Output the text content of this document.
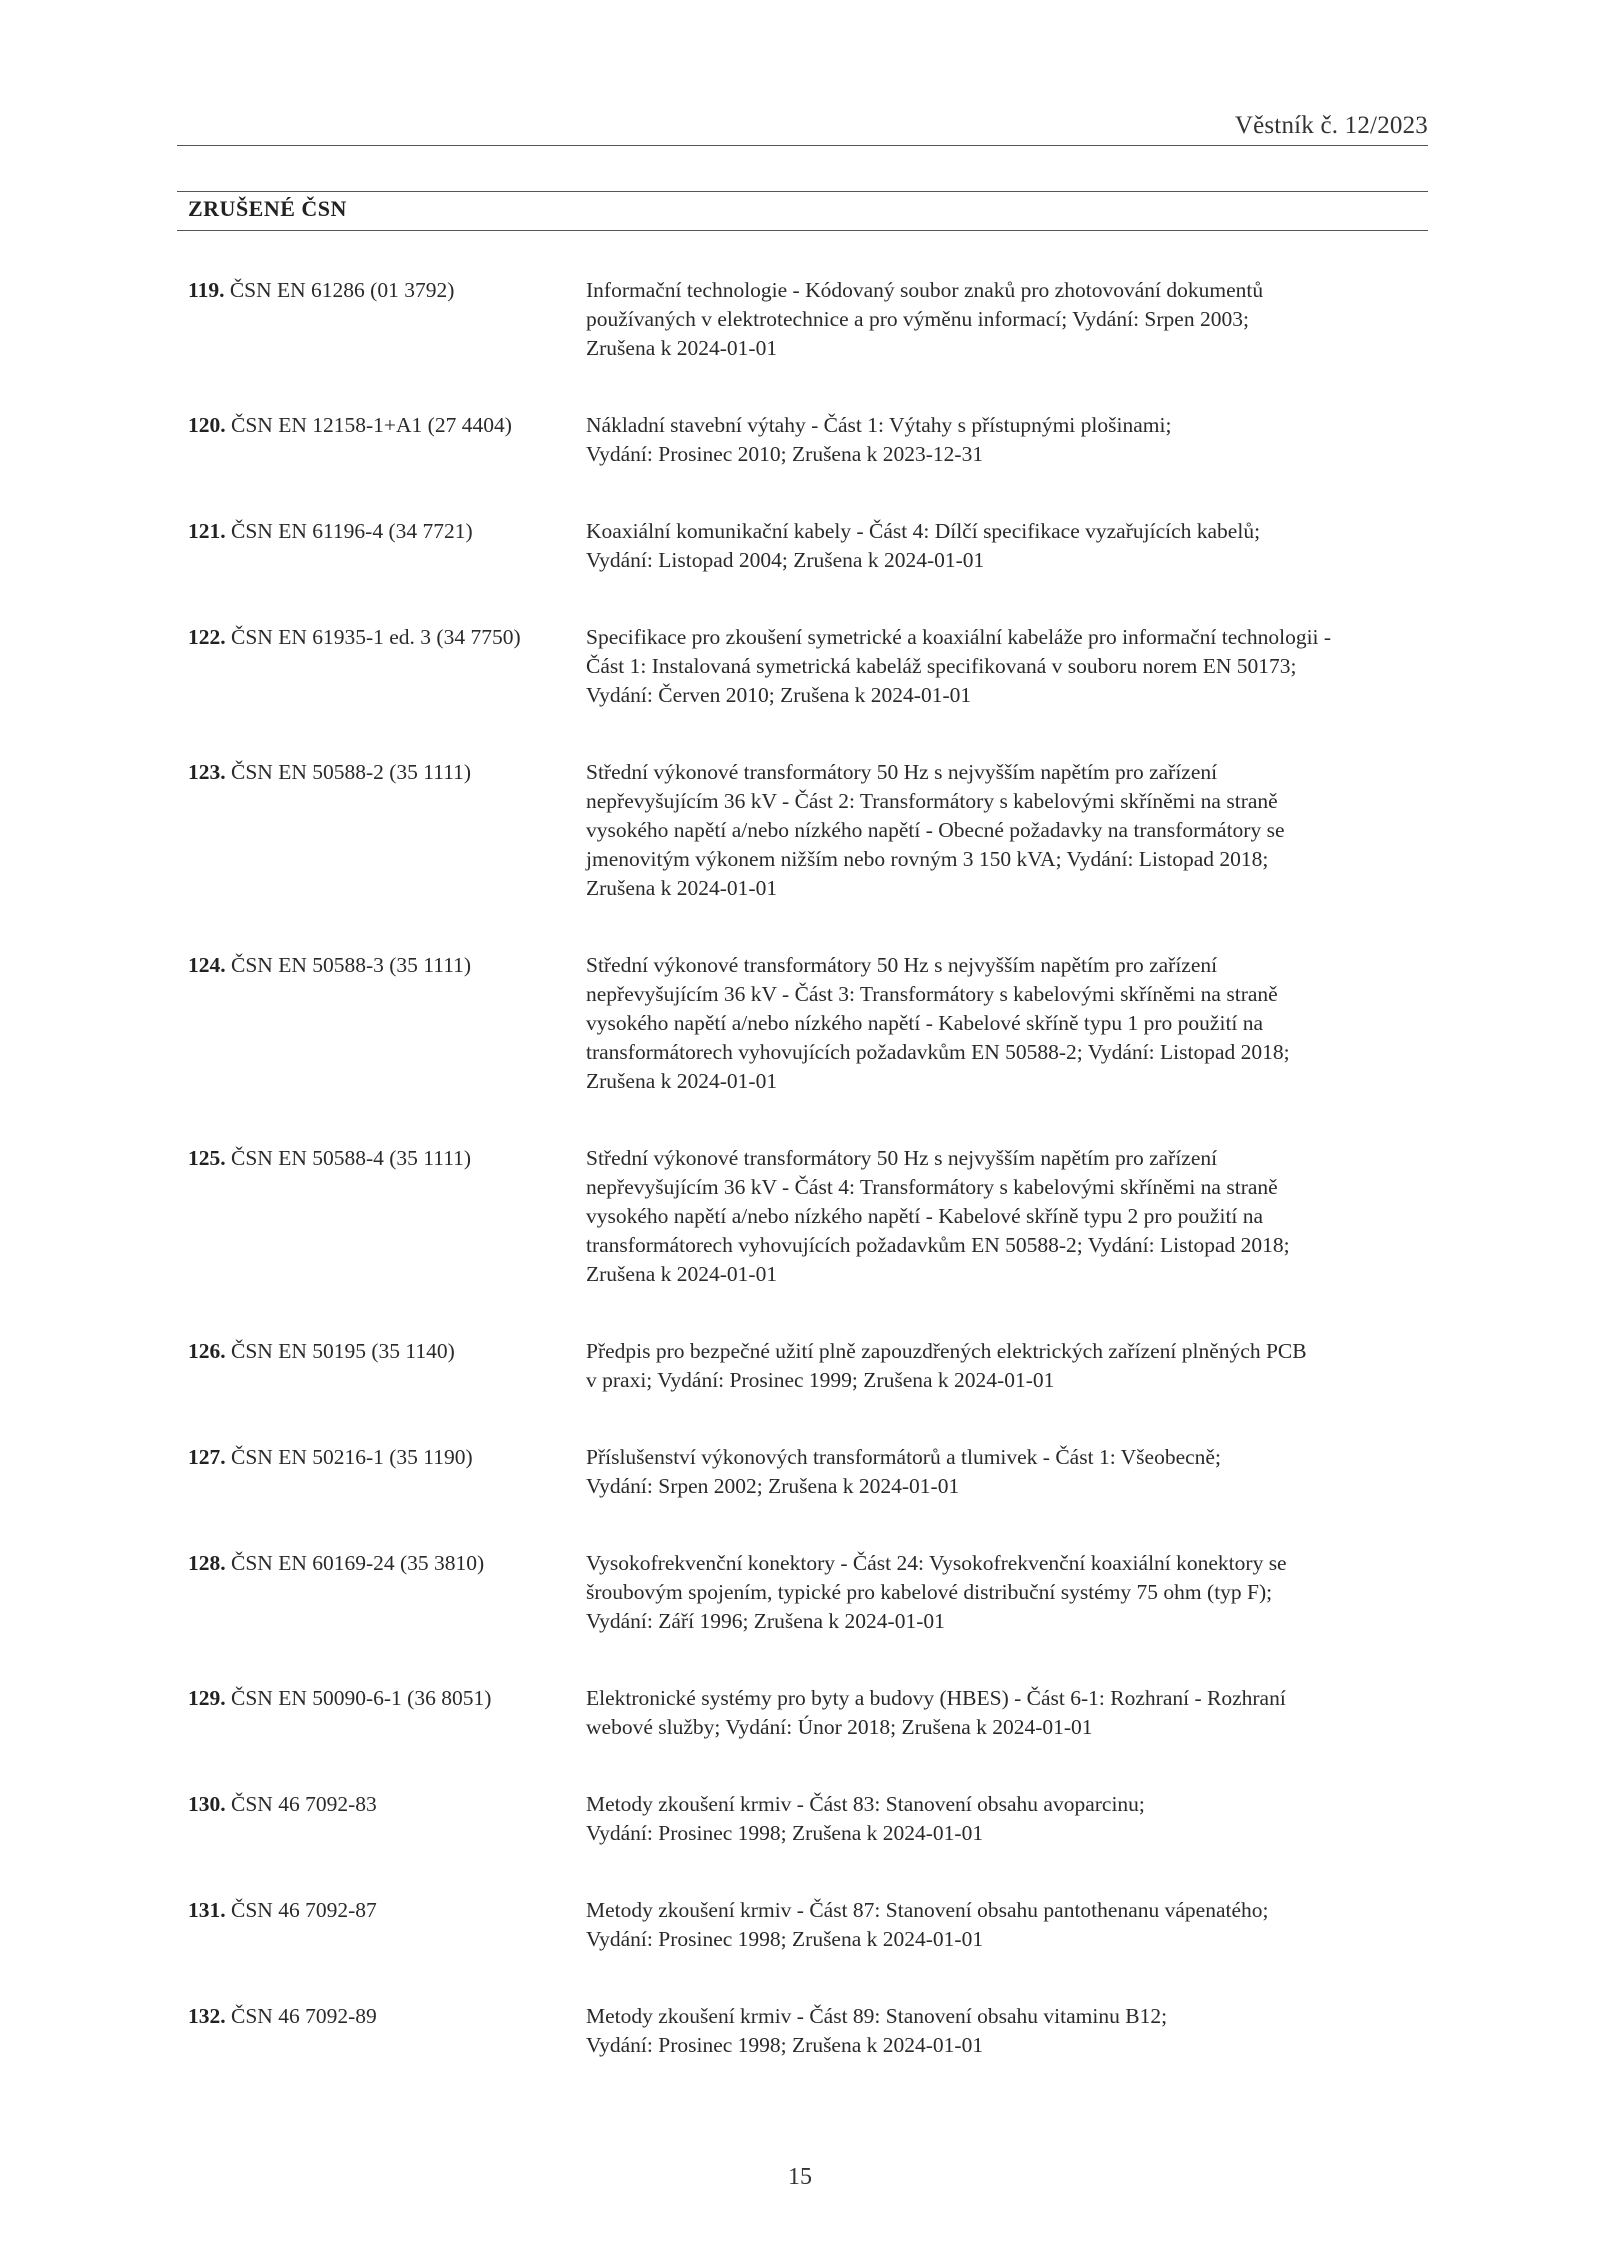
Věstník č. 12/2023
ZRUŠENÉ ČSN
119. ČSN EN 61286 (01 3792)	Informační technologie - Kódovaný soubor znaků pro zhotovování dokumentů
používaných v elektrotechnice a pro výměnu informací; Vydání: Srpen 2003;
Zrušena k 2024-01-01
120. ČSN EN 12158-1+A1 (27 4404)	Nákladní stavební výtahy - Část 1: Výtahy s přístupnými plošinami;
Vydání: Prosinec 2010; Zrušena k 2023-12-31
121. ČSN EN 61196-4 (34 7721)	Koaxiální komunikační kabely - Část 4: Dílčí specifikace vyzařujících kabelů;
Vydání: Listopad 2004; Zrušena k 2024-01-01
122. ČSN EN 61935-1 ed. 3 (34 7750)	Specifikace pro zkoušení symetrické a koaxiální kabeláže pro informační technologii -
Část 1: Instalovaná symetrická kabeláž specifikovaná v souboru norem EN 50173;
Vydání: Červen 2010; Zrušena k 2024-01-01
123. ČSN EN 50588-2 (35 1111)	Střední výkonové transformátory 50 Hz s nejvyšším napětím pro zařízení
nepřevyšujícím 36 kV - Část 2: Transformátory s kabelovými skříněmi na straně
vysokého napětí a/nebo nízkého napětí - Obecné požadavky na transformátory se
jmenovitým výkonem nižším nebo rovným 3 150 kVA; Vydání: Listopad 2018;
Zrušena k 2024-01-01
124. ČSN EN 50588-3 (35 1111)	Střední výkonové transformátory 50 Hz s nejvyšším napětím pro zařízení
nepřevyšujícím 36 kV - Část 3: Transformátory s kabelovými skříněmi na straně
vysokého napětí a/nebo nízkého napětí - Kabelové skříně typu 1 pro použití na
transformátorech vyhovujících požadavkům EN 50588-2; Vydání: Listopad 2018;
Zrušena k 2024-01-01
125. ČSN EN 50588-4 (35 1111)	Střední výkonové transformátory 50 Hz s nejvyšším napětím pro zařízení
nepřevyšujícím 36 kV - Část 4: Transformátory s kabelovými skříněmi na straně
vysokého napětí a/nebo nízkého napětí - Kabelové skříně typu 2 pro použití na
transformátorech vyhovujících požadavkům EN 50588-2; Vydání: Listopad 2018;
Zrušena k 2024-01-01
126. ČSN EN 50195 (35 1140)	Předpis pro bezpečné užití plně zapouzdřených elektrických zařízení plněných PCB
v praxi; Vydání: Prosinec 1999; Zrušena k 2024-01-01
127. ČSN EN 50216-1 (35 1190)	Příslušenství výkonových transformátorů a tlumivek - Část 1: Všeobecně;
Vydání: Srpen 2002; Zrušena k 2024-01-01
128. ČSN EN 60169-24 (35 3810)	Vysokofrekvenční konektory - Část 24: Vysokofrekvenční koaxiální konektory se
šroubovým spojením, typické pro kabelové distribuční systémy 75 ohm (typ F);
Vydání: Září 1996; Zrušena k 2024-01-01
129. ČSN EN 50090-6-1 (36 8051)	Elektronické systémy pro byty a budovy (HBES) - Část 6-1: Rozhraní - Rozhraní
webové služby; Vydání: Únor 2018; Zrušena k 2024-01-01
130. ČSN 46 7092-83	Metody zkoušení krmiv - Část 83: Stanovení obsahu avoparcinu;
Vydání: Prosinec 1998; Zrušena k 2024-01-01
131. ČSN 46 7092-87	Metody zkoušení krmiv - Část 87: Stanovení obsahu pantothenanu vápenatého;
Vydání: Prosinec 1998; Zrušena k 2024-01-01
132. ČSN 46 7092-89	Metody zkoušení krmiv - Část 89: Stanovení obsahu vitaminu B12;
Vydání: Prosinec 1998; Zrušena k 2024-01-01
15
